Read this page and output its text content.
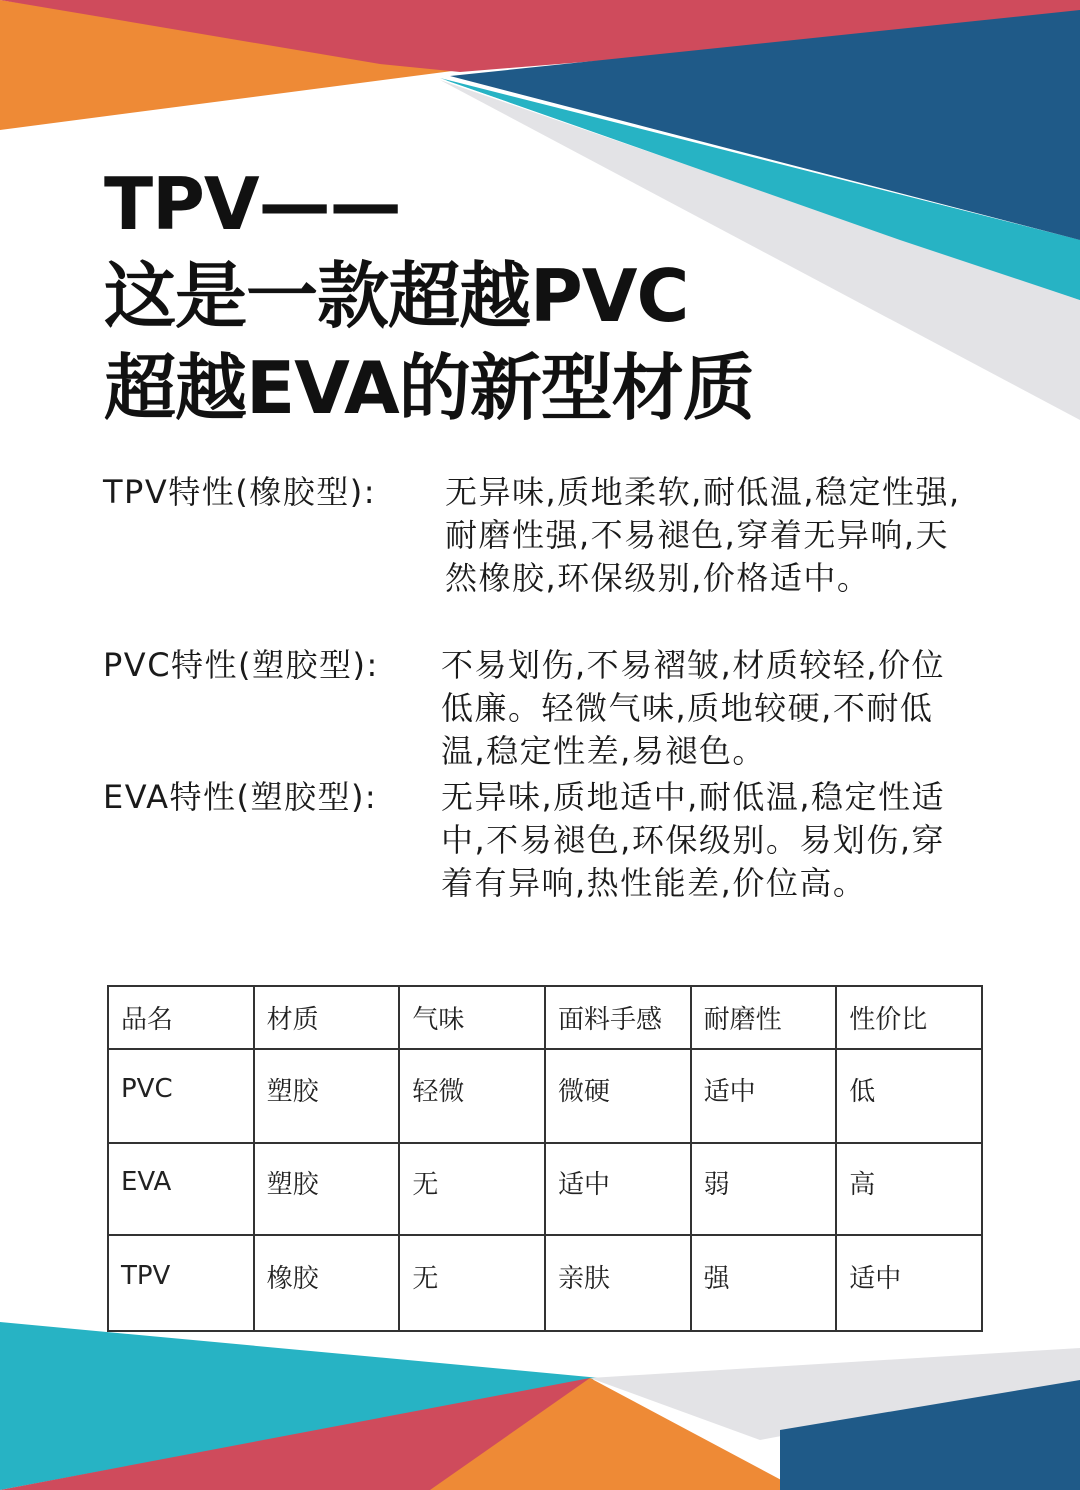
TPV——
这是一款超越PVC
超越EVA的新型材质
TPV特性(橡胶型): 无异味,质地柔软,耐低温,稳定性强,耐磨性强,不易褪色,穿着无异响,天然橡胶,环保级别,价格适中。
PVC特性(塑胶型): 不易划伤,不易褶皱,材质较轻,价位低廉。轻微气味,质地较硬,不耐低温,稳定性差,易褪色。
EVA特性(塑胶型): 无异味,质地适中,耐低温,稳定性适中,不易褪色,环保级别。易划伤,穿着有异响,热性能差,价位高。
品名	材质	气味	面料手感	耐磨性	性价比
PVC	塑胶	轻微	微硬	适中	低
EVA	塑胶	无	适中	弱	高
TPV	橡胶	无	亲肤	强	适中
